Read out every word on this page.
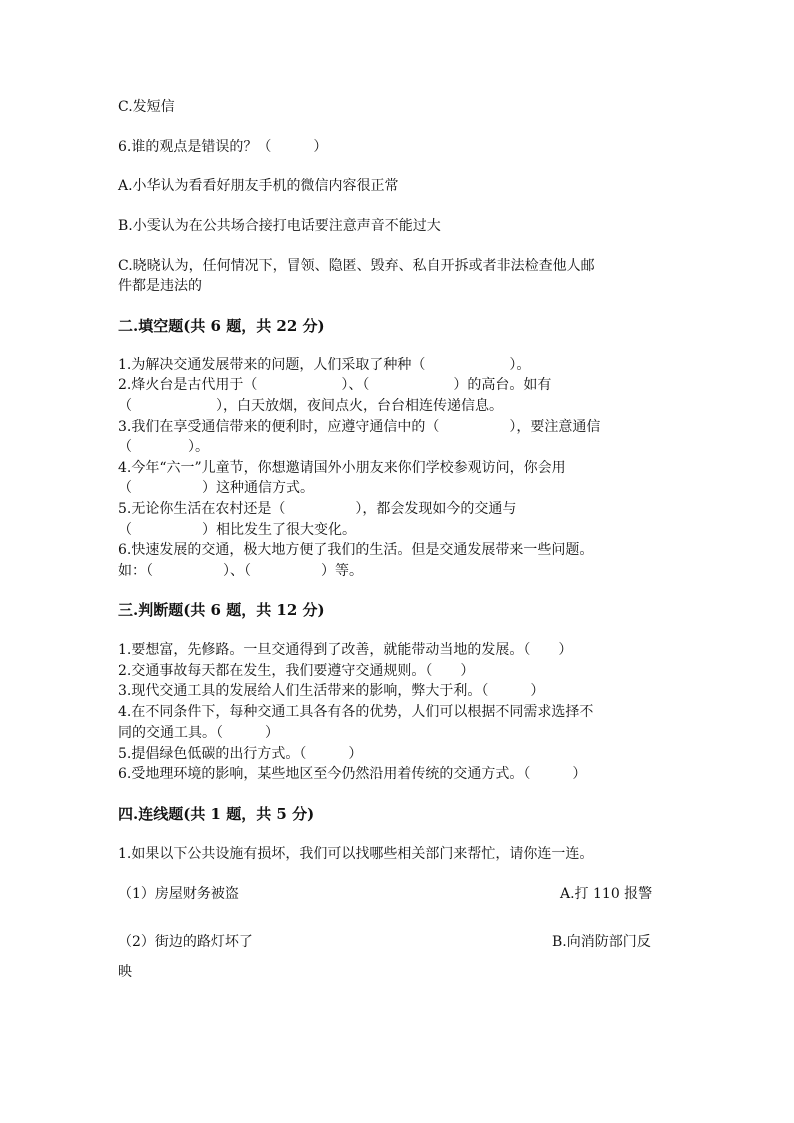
C.发短信
6.谁的观点是错误的？（　　　）
A.小华认为看看好朋友手机的微信内容很正常
B.小雯认为在公共场合接打电话要注意声音不能过大
C.晓晓认为，任何情况下，冒领、隐匿、毁弃、私自开拆或者非法检查他人邮
件都是违法的
二.填空题(共 6 题，共 22 分)
1.为解决交通发展带来的问题，人们采取了种种（　　　　　　）。
2.烽火台是古代用于（　　　　　　）、（　　　　　　）的高台。如有
（　　　　　　），白天放烟，夜间点火，台台相连传递信息。
3.我们在享受通信带来的便利时，应遵守通信中的（　　　　　），要注意通信
（　　　　）。
4.今年“六一”儿童节，你想邀请国外小朋友来你们学校参观访问，你会用
（　　　　　）这种通信方式。
5.无论你生活在农村还是（　　　　　），都会发现如今的交通与
（　　　　　）相比发生了很大变化。
6.快速发展的交通，极大地方便了我们的生活。但是交通发展带来一些问题。
如：（　　　　　）、（　　　　　）等。
三.判断题(共 6 题，共 12 分)
1.要想富，先修路。一旦交通得到了改善，就能带动当地的发展。（　　）
2.交通事故每天都在发生，我们要遵守交通规则。（　　）
3.现代交通工具的发展给人们生活带来的影响，弊大于利。（　　　）
4.在不同条件下，每种交通工具各有各的优势，人们可以根据不同需求选择不
同的交通工具。（　　　）
5.提倡绿色低碳的出行方式。（　　　）
6.受地理环境的影响，某些地区至今仍然沿用着传统的交通方式。（　　　）
四.连线题(共 1 题，共 5 分)
1.如果以下公共设施有损坏，我们可以找哪些相关部门来帮忙，请你连一连。
（1）房屋财务被盗	A.打 110 报警
（2）街边的路灯坏了	B.向消防部门反
映
